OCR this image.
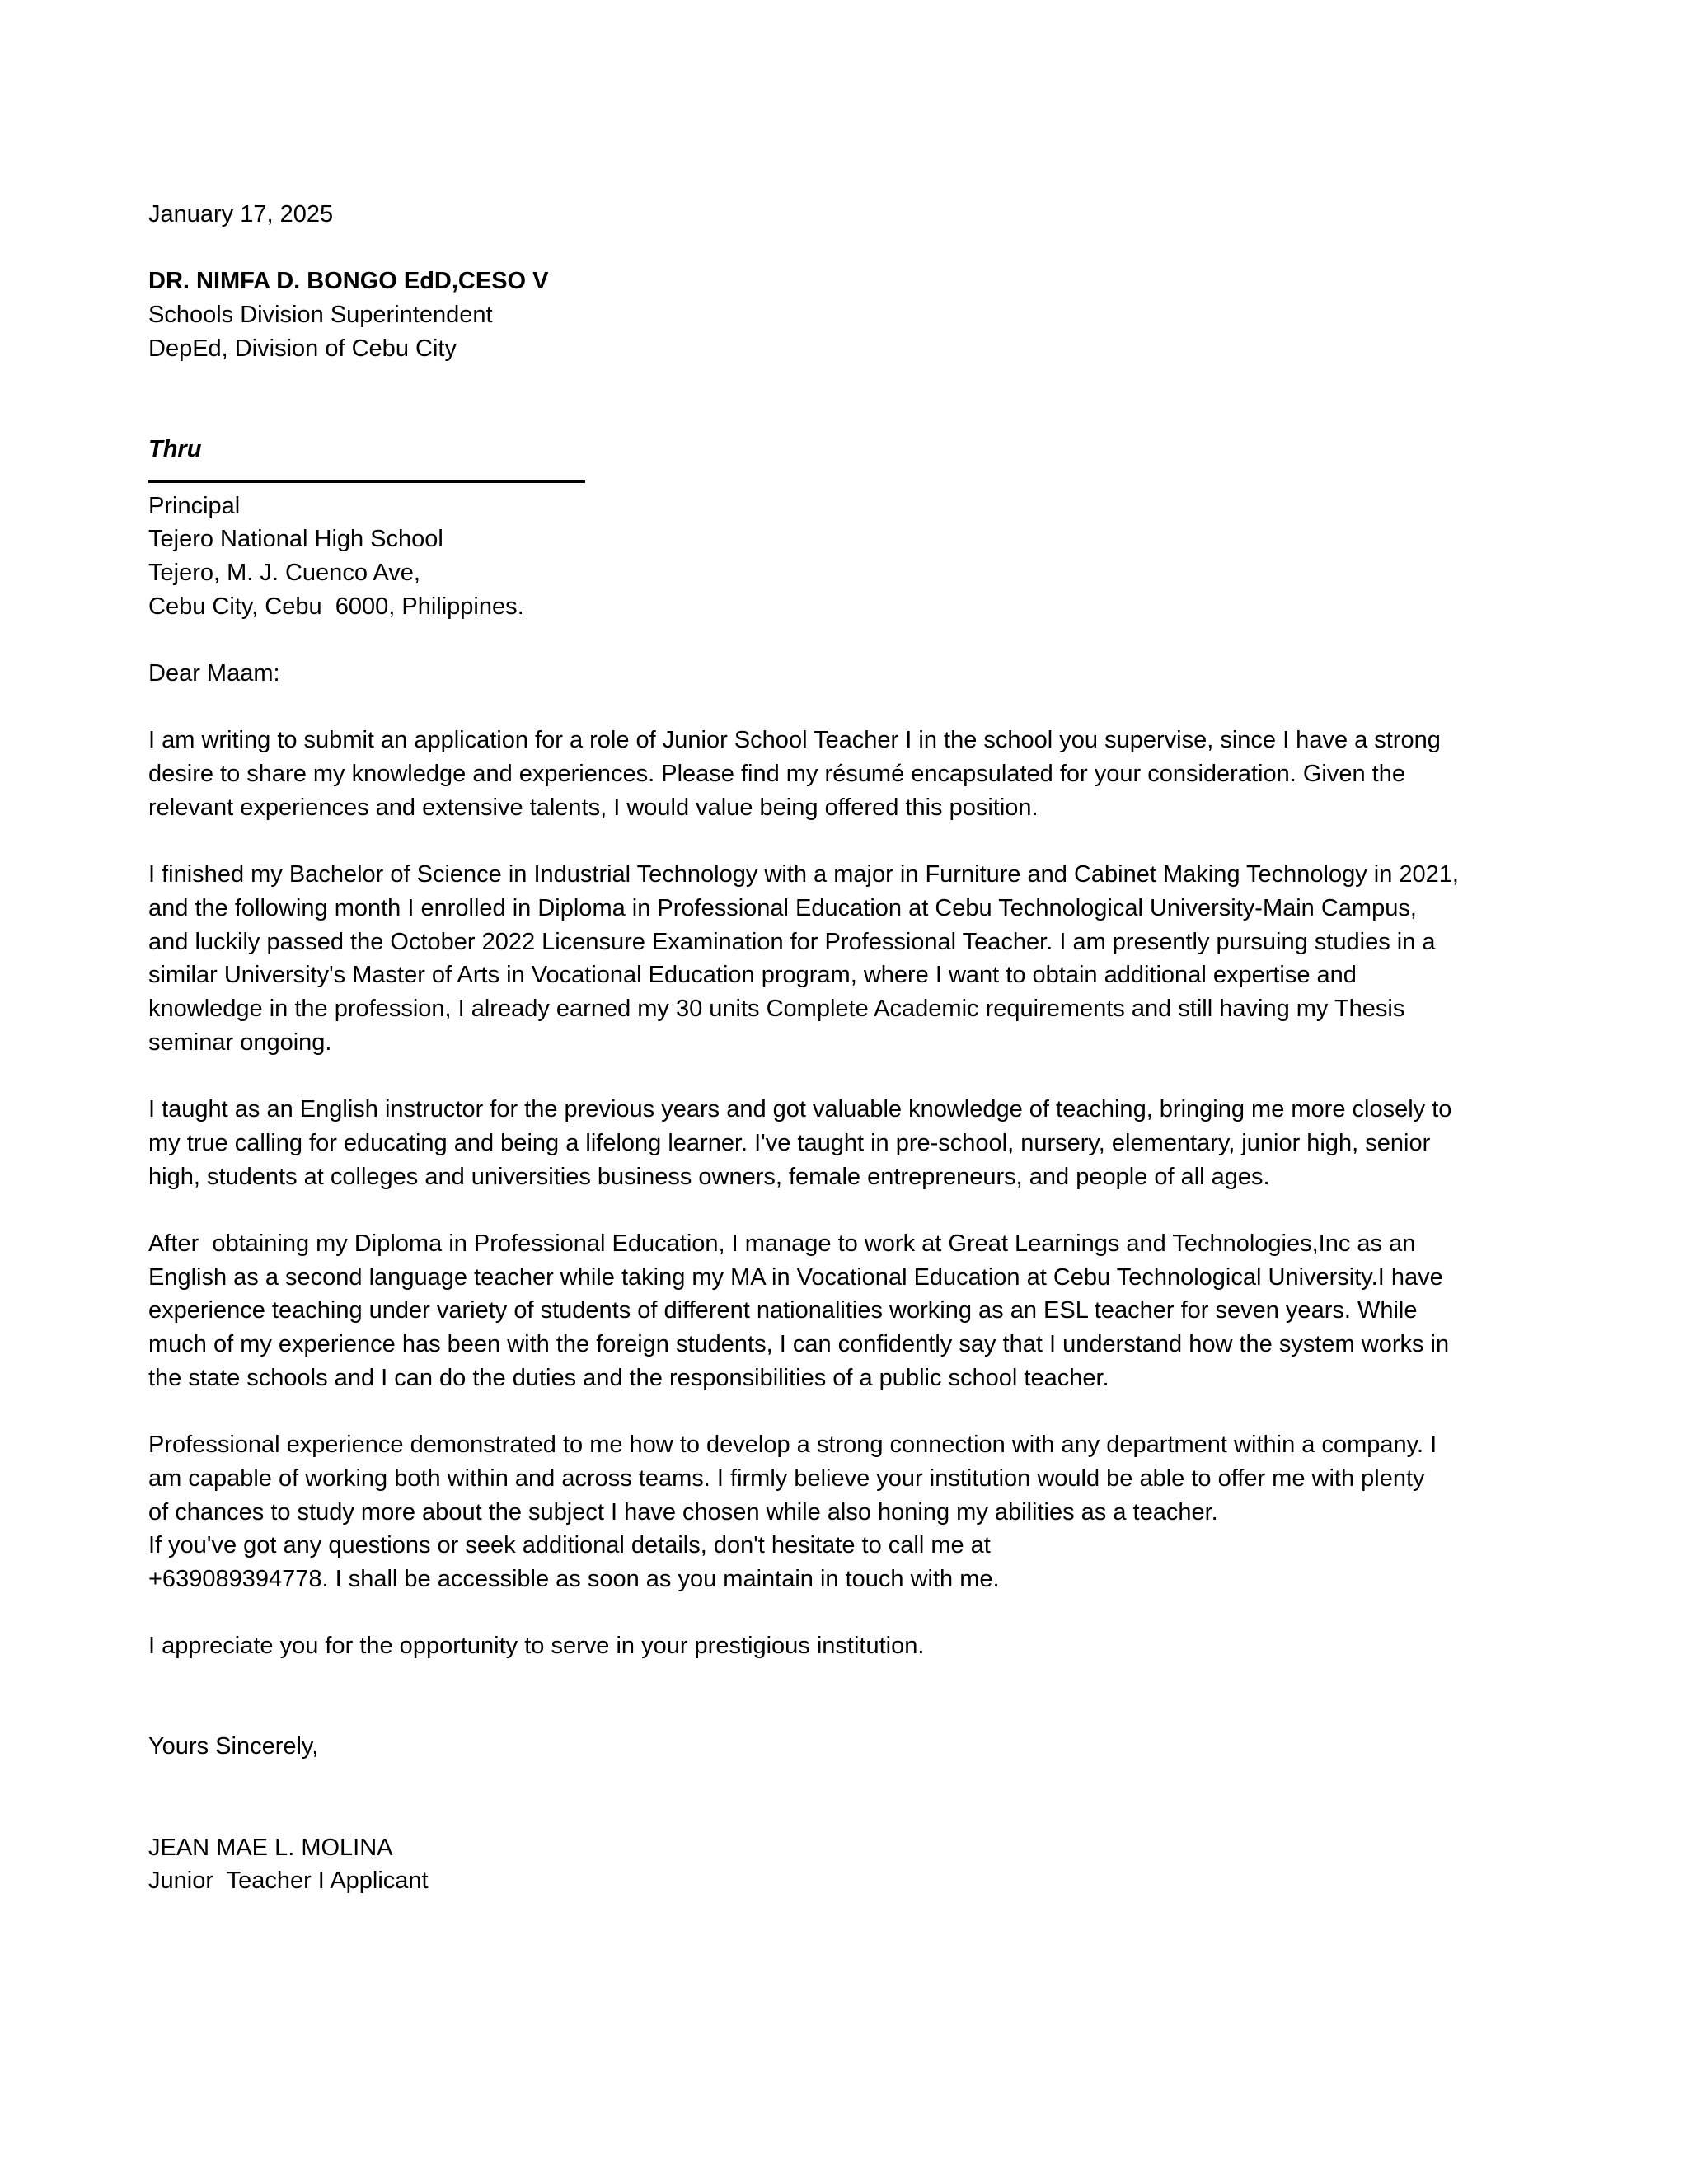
January 17, 2025
DR. NIMFA D. BONGO EdD,CESO V
Schools Division Superintendent
DepEd, Division of Cebu City
Thru
Principal
Tejero National High School
Tejero, M. J. Cuenco Ave,
Cebu City, Cebu  6000, Philippines.
Dear Maam:
I am writing to submit an application for a role of Junior School Teacher I in the school you supervise, since I have a strong
desire to share my knowledge and experiences. Please find my résumé encapsulated for your consideration. Given the
relevant experiences and extensive talents, I would value being offered this position.
I finished my Bachelor of Science in Industrial Technology with a major in Furniture and Cabinet Making Technology in 2021,
and the following month I enrolled in Diploma in Professional Education at Cebu Technological University-Main Campus,
and luckily passed the October 2022 Licensure Examination for Professional Teacher. I am presently pursuing studies in a
similar University's Master of Arts in Vocational Education program, where I want to obtain additional expertise and
knowledge in the profession, I already earned my 30 units Complete Academic requirements and still having my Thesis
seminar ongoing.
I taught as an English instructor for the previous years and got valuable knowledge of teaching, bringing me more closely to
my true calling for educating and being a lifelong learner. I've taught in pre-school, nursery, elementary, junior high, senior
high, students at colleges and universities business owners, female entrepreneurs, and people of all ages.
After  obtaining my Diploma in Professional Education, I manage to work at Great Learnings and Technologies,Inc as an
English as a second language teacher while taking my MA in Vocational Education at Cebu Technological University.I have
experience teaching under variety of students of different nationalities working as an ESL teacher for seven years. While
much of my experience has been with the foreign students, I can confidently say that I understand how the system works in
the state schools and I can do the duties and the responsibilities of a public school teacher.
Professional experience demonstrated to me how to develop a strong connection with any department within a company. I
am capable of working both within and across teams. I firmly believe your institution would be able to offer me with plenty
of chances to study more about the subject I have chosen while also honing my abilities as a teacher.
If you've got any questions or seek additional details, don't hesitate to call me at
+639089394778. I shall be accessible as soon as you maintain in touch with me.
I appreciate you for the opportunity to serve in your prestigious institution.
Yours Sincerely,
JEAN MAE L. MOLINA
Junior  Teacher I Applicant
